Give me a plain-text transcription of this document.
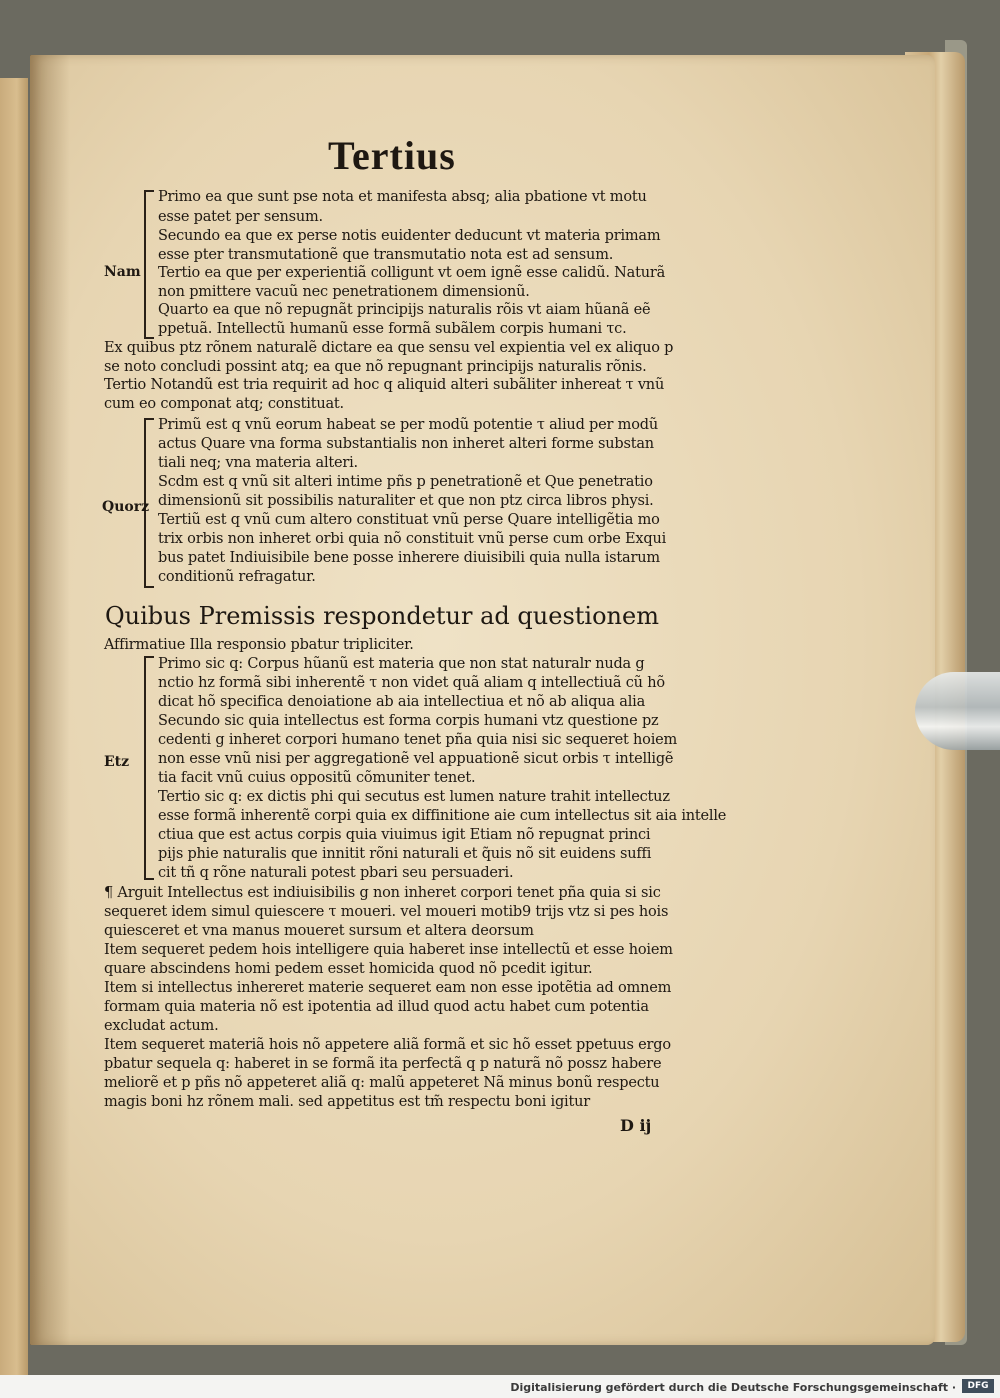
Tertius
Nam
Primo ea que sunt pse nota et manifesta absq; alia pbatione vt motu
esse patet per sensum.
Secundo ea que ex perse notis euidenter deducunt vt materia primam
esse pter transmutationẽ que transmutatio nota est ad sensum.
Tertio ea que per experientiã colligunt vt oem ignẽ esse calidũ. Naturã
non pmittere vacuũ nec penetrationem dimensionũ.
Quarto ea que nõ repugnãt principijs naturalis rõis vt aiam hũanã eẽ
ppetuã. Intellectũ humanũ esse formã subãlem corpis humani τc.
Ex quibus ptz rõnem naturalẽ dictare ea que sensu vel expientia vel ex aliquo p
se noto concludi possint atq; ea que nõ repugnant principijs naturalis rõnis.
Tertio Notandũ est tria requirit ad hoc q aliquid alteri subãliter inhereat τ vnũ
cum eo componat atq; constituat.
Quorz
Primũ est q vnũ eorum habeat se per modũ potentie τ aliud per modũ
actus Quare vna forma substantialis non inheret alteri forme substan
tiali neq; vna materia alteri.
Scdm est q vnũ sit alteri intime pñs p penetrationẽ et Que penetratio
dimensionũ sit possibilis naturaliter et que non ptz circa libros physi.
Tertiũ est q vnũ cum altero constituat vnũ perse Quare intelligẽtia mo
trix orbis non inheret orbi quia nõ constituit vnũ perse cum orbe Exqui
bus patet Indiuisibile bene posse inherere diuisibili quia nulla istarum
conditionũ refragatur.
Quibus Premissis respondetur ad questionem
Affirmatiue Illa responsio pbatur tripliciter.
Etz
Primo sic q: Corpus hũanũ est materia que non stat naturalr nuda g
nctio hz formã sibi inherentẽ τ non videt quã aliam q intellectiuã cũ hõ
dicat hõ specifica denoiatione ab aia intellectiua et nõ ab aliqua alia
Secundo sic quia intellectus est forma corpis humani vtz questione pz
cedenti g inheret corpori humano tenet pña quia nisi sic sequeret hoiem
non esse vnũ nisi per aggregationẽ vel appuationẽ sicut orbis τ intelligẽ
tia facit vnũ cuius oppositũ cõmuniter tenet.
Tertio sic q: ex dictis phi qui secutus est lumen nature trahit intellectuz
esse formã inherentẽ corpi quia ex diffinitione aie cum intellectus sit aia intelle
ctiua que est actus corpis quia viuimus igit Etiam nõ repugnat princi
pijs phie naturalis que innitit rõni naturali et q̃uis nõ sit euidens suffi
cit tñ q rõne naturali potest pbari seu persuaderi.
¶ Arguit Intellectus est indiuisibilis g non inheret corpori tenet pña quia si sic
sequeret idem simul quiescere τ moueri. vel moueri motib9 trijs vtz si pes hois
quiesceret et vna manus moueret sursum et altera deorsum
Item sequeret pedem hois intelligere quia haberet inse intellectũ et esse hoiem
quare abscindens homi pedem esset homicida quod nõ pcedit igitur.
Item si intellectus inhereret materie sequeret eam non esse ipotẽtia ad omnem
formam quia materia nõ est ipotentia ad illud quod actu habet cum potentia
excludat actum.
Item sequeret materiã hois nõ appetere aliã formã et sic hõ esset ppetuus ergo
pbatur sequela q: haberet in se formã ita perfectã q p naturã nõ possz habere
meliorẽ et p pñs nõ appeteret aliã q: malũ appeteret Nã minus bonũ respectu
magis boni hz rõnem mali. sed appetitus est tm̃ respectu boni igitur
D ij
Digitalisierung gefördert durch die Deutsche Forschungsgemeinschaft ·	DFG
